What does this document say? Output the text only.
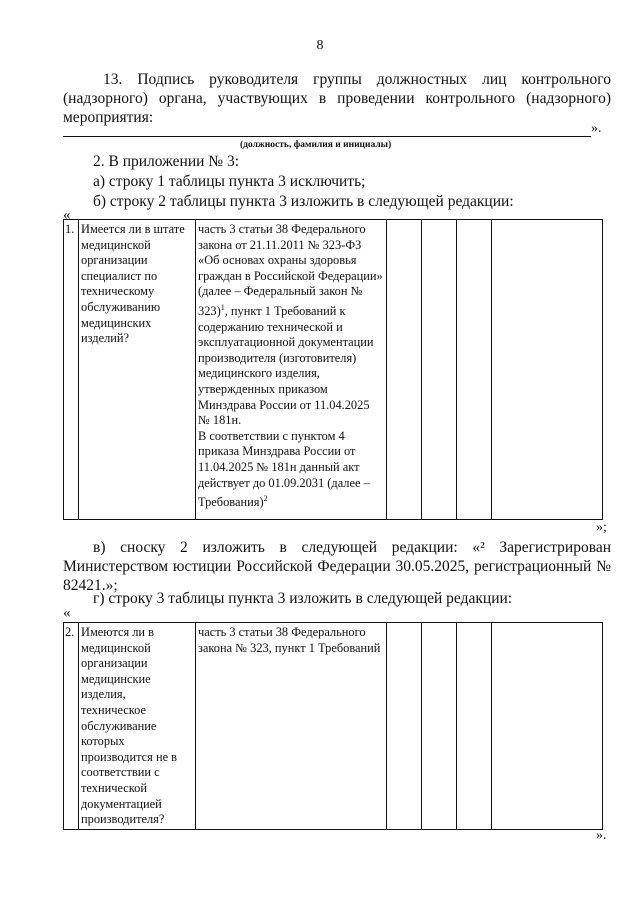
8
13. Подпись руководителя группы должностных лиц контрольного (надзорного) органа, участвующих в проведении контрольного (надзорного) мероприятия:
».
(должность, фамилия и инициалы)
2. В приложении № 3:
а) строку 1 таблицы пункта 3 исключить;
б) строку 2 таблицы пункта 3 изложить в следующей редакции:
«
1.	Имеется ли в штате медицинской организации специалист по техническому обслуживанию медицинских изделий?	часть 3 статьи 38 Федерального закона от 21.11.2011 № 323-ФЗ «Об основах охраны здоровья граждан в Российской Федерации» (далее – Федеральный закон № 323)$^1$, пункт 1 Требований к содержанию технической и эксплуатационной документации производителя (изготовителя) медицинского изделия, утвержденных приказом Минздрава России от 11.04.2025 № 181н.
В соответствии с пунктом 4 приказа Минздрава России от 11.04.2025 № 181н данный акт действует до 01.09.2031 (далее – Требования)$^2$				
»;
в) сноску 2 изложить в следующей редакции: «² Зарегистрирован Министерством юстиции Российской Федерации 30.05.2025, регистрационный № 82421.»;
г) строку 3 таблицы пункта 3 изложить в следующей редакции:
«
2.	Имеются ли в медицинской организации медицинские изделия, техническое обслуживание которых производится не в соответствии с технической документацией производителя?	часть 3 статьи 38 Федерального закона № 323, пункт 1 Требований				
».
